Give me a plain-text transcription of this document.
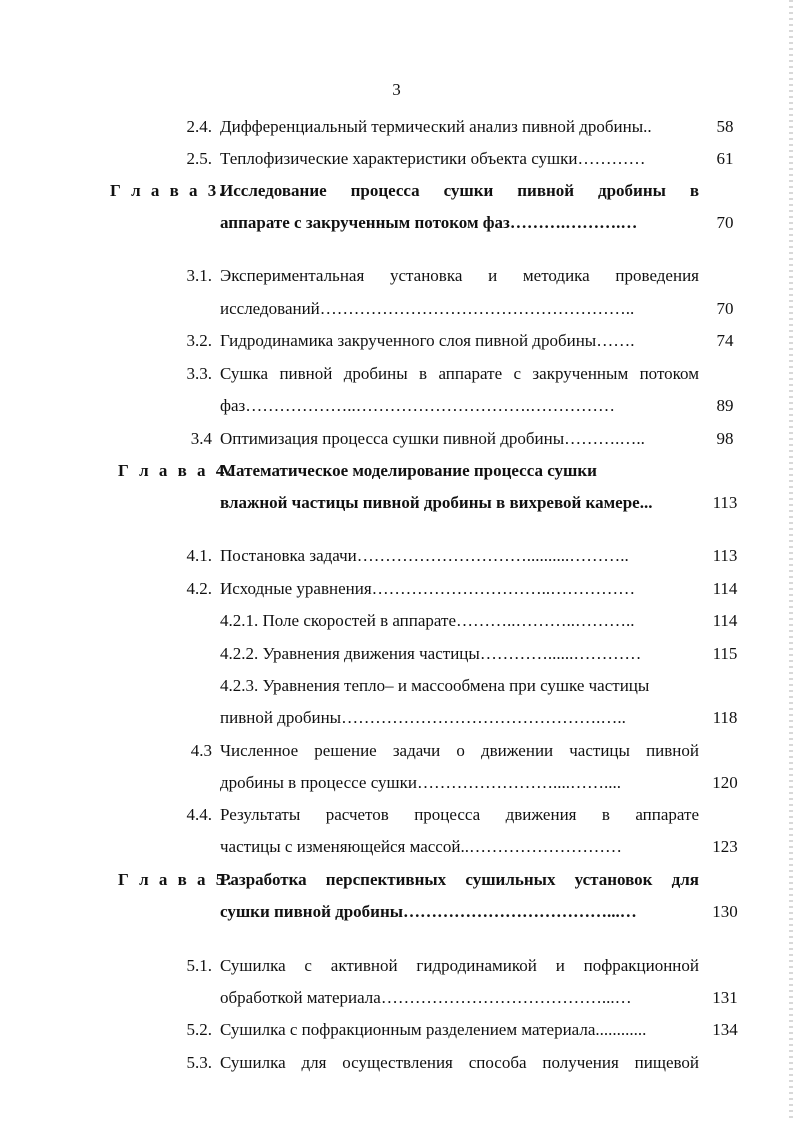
3
2.4. Дифференциальный термический анализ пивной дробины..	58
2.5. Теплофизические характеристики объекта сушки…………	61
Г л а в а 3.
Исследование процесса сушки пивной дробины в
аппарате с закрученным потоком фаз……….……….…	70
3.1. Экспериментальная установка и методика проведения
исследований………………………………………………..	70
3.2. Гидродинамика закрученного слоя пивной дробины…….	74
3.3. Сушка пивной дробины в аппарате с закрученным потоком
фаз………………..………………………….……………	89
3.4 Оптимизация процесса сушки пивной дробины……….…..	98
Г л а в а 4.
Математическое моделирование процесса сушки
влажной частицы пивной дробины в вихревой камере...	113
4.1. Постановка задачи…………………………..........………..	113
4.2. Исходные уравнения…………………………..……………	114
4.2.1. Поле скоростей в аппарате………..………..………..	114
4.2.2. Уравнения движения частицы…………......…………	115
4.2.3. Уравнения тепло– и массообмена при сушке частицы
пивной дробины……………………………………….…..	118
4.3 Численное решение задачи о движении частицы пивной
дробины в процессе сушки……………………....……....	120
4.4. Результаты расчетов процесса движения в аппарате
частицы с изменяющейся массой..………………………	123
Г л а в а 5.
Разработка перспективных сушильных установок для
сушки пивной дробины………………………………...…	130
5.1. Сушилка с активной гидродинамикой и пофракционной
обработкой материала…………………………………...…	131
5.2. Сушилка с пофракционным разделением материала............	134
5.3. Сушилка для осуществления способа получения пищевой
